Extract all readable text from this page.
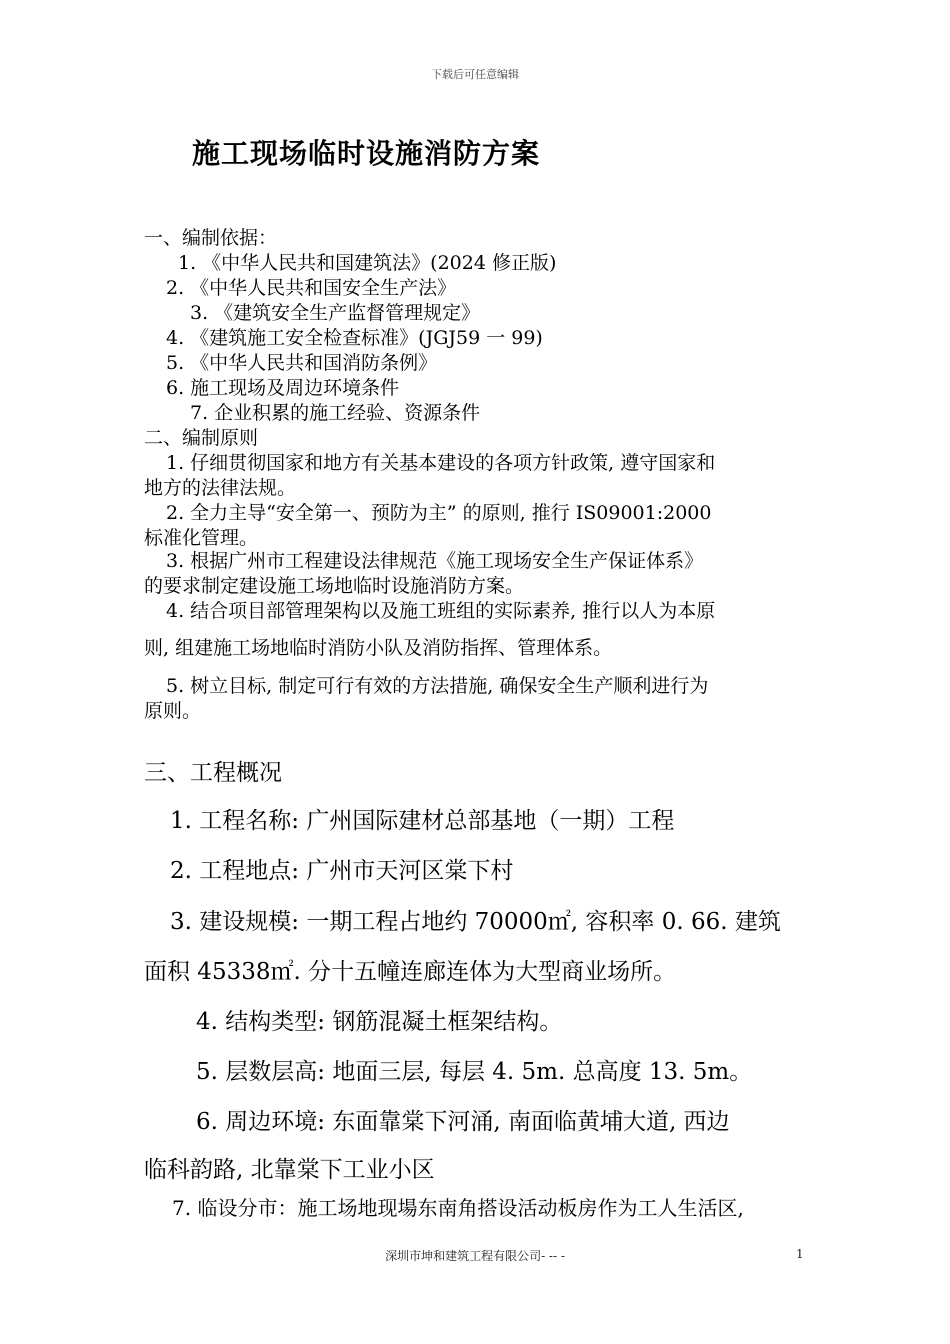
下载后可任意编辑
施工现场临时设施消防方案
一、编制依据：
1. 《中华人民共和国建筑法》(2024 修正版)
2. 《中华人民共和国安全生产法》
3. 《建筑安全生产监督管理规定》
4. 《建筑施工安全检查标准》(JGJ59 一 99)
5. 《中华人民共和国消防条例》
6. 施工现场及周边环境条件
7. 企业积累的施工经验、资源条件
二、编制原则
1. 仔细贯彻国家和地方有关基本建设的各项方针政策, 遵守国家和
地方的法律法规。
2. 全力主导“安全第一、预防为主” 的原则, 推行 IS09001:2000
标准化管理。
3. 根据广州市工程建设法律规范《施工现场安全生产保证体系》
的要求制定建设施工场地临时设施消防方案。
4. 结合项目部管理架构以及施工班组的实际素养, 推行以人为本原
则, 组建施工场地临时消防小队及消防指挥、管理体系。
5. 树立目标, 制定可行有效的方法措施, 确保安全生产顺利进行为
原则。
三、工程概况
1. 工程名称: 广州国际建材总部基地（一期）工程
2. 工程地点: 广州市天河区棠下村
3. 建设规模: 一期工程占地约 70000㎡, 容积率 0. 66. 建筑
面积 45338㎡. 分十五幢连廊连体为大型商业场所。
4. 结构类型: 钢筋混凝土框架结构。
5. 层数层高: 地面三层, 每层 4. 5m. 总高度 13. 5m。
6. 周边环境: 东面靠棠下河涌, 南面临黄埔大道, 西边
临科韵路, 北靠棠下工业小区
7. 临设分市：施工场地现場东南角搭设活动板房作为工人生活区,
深圳市坤和建筑工程有限公司- -- -	1
